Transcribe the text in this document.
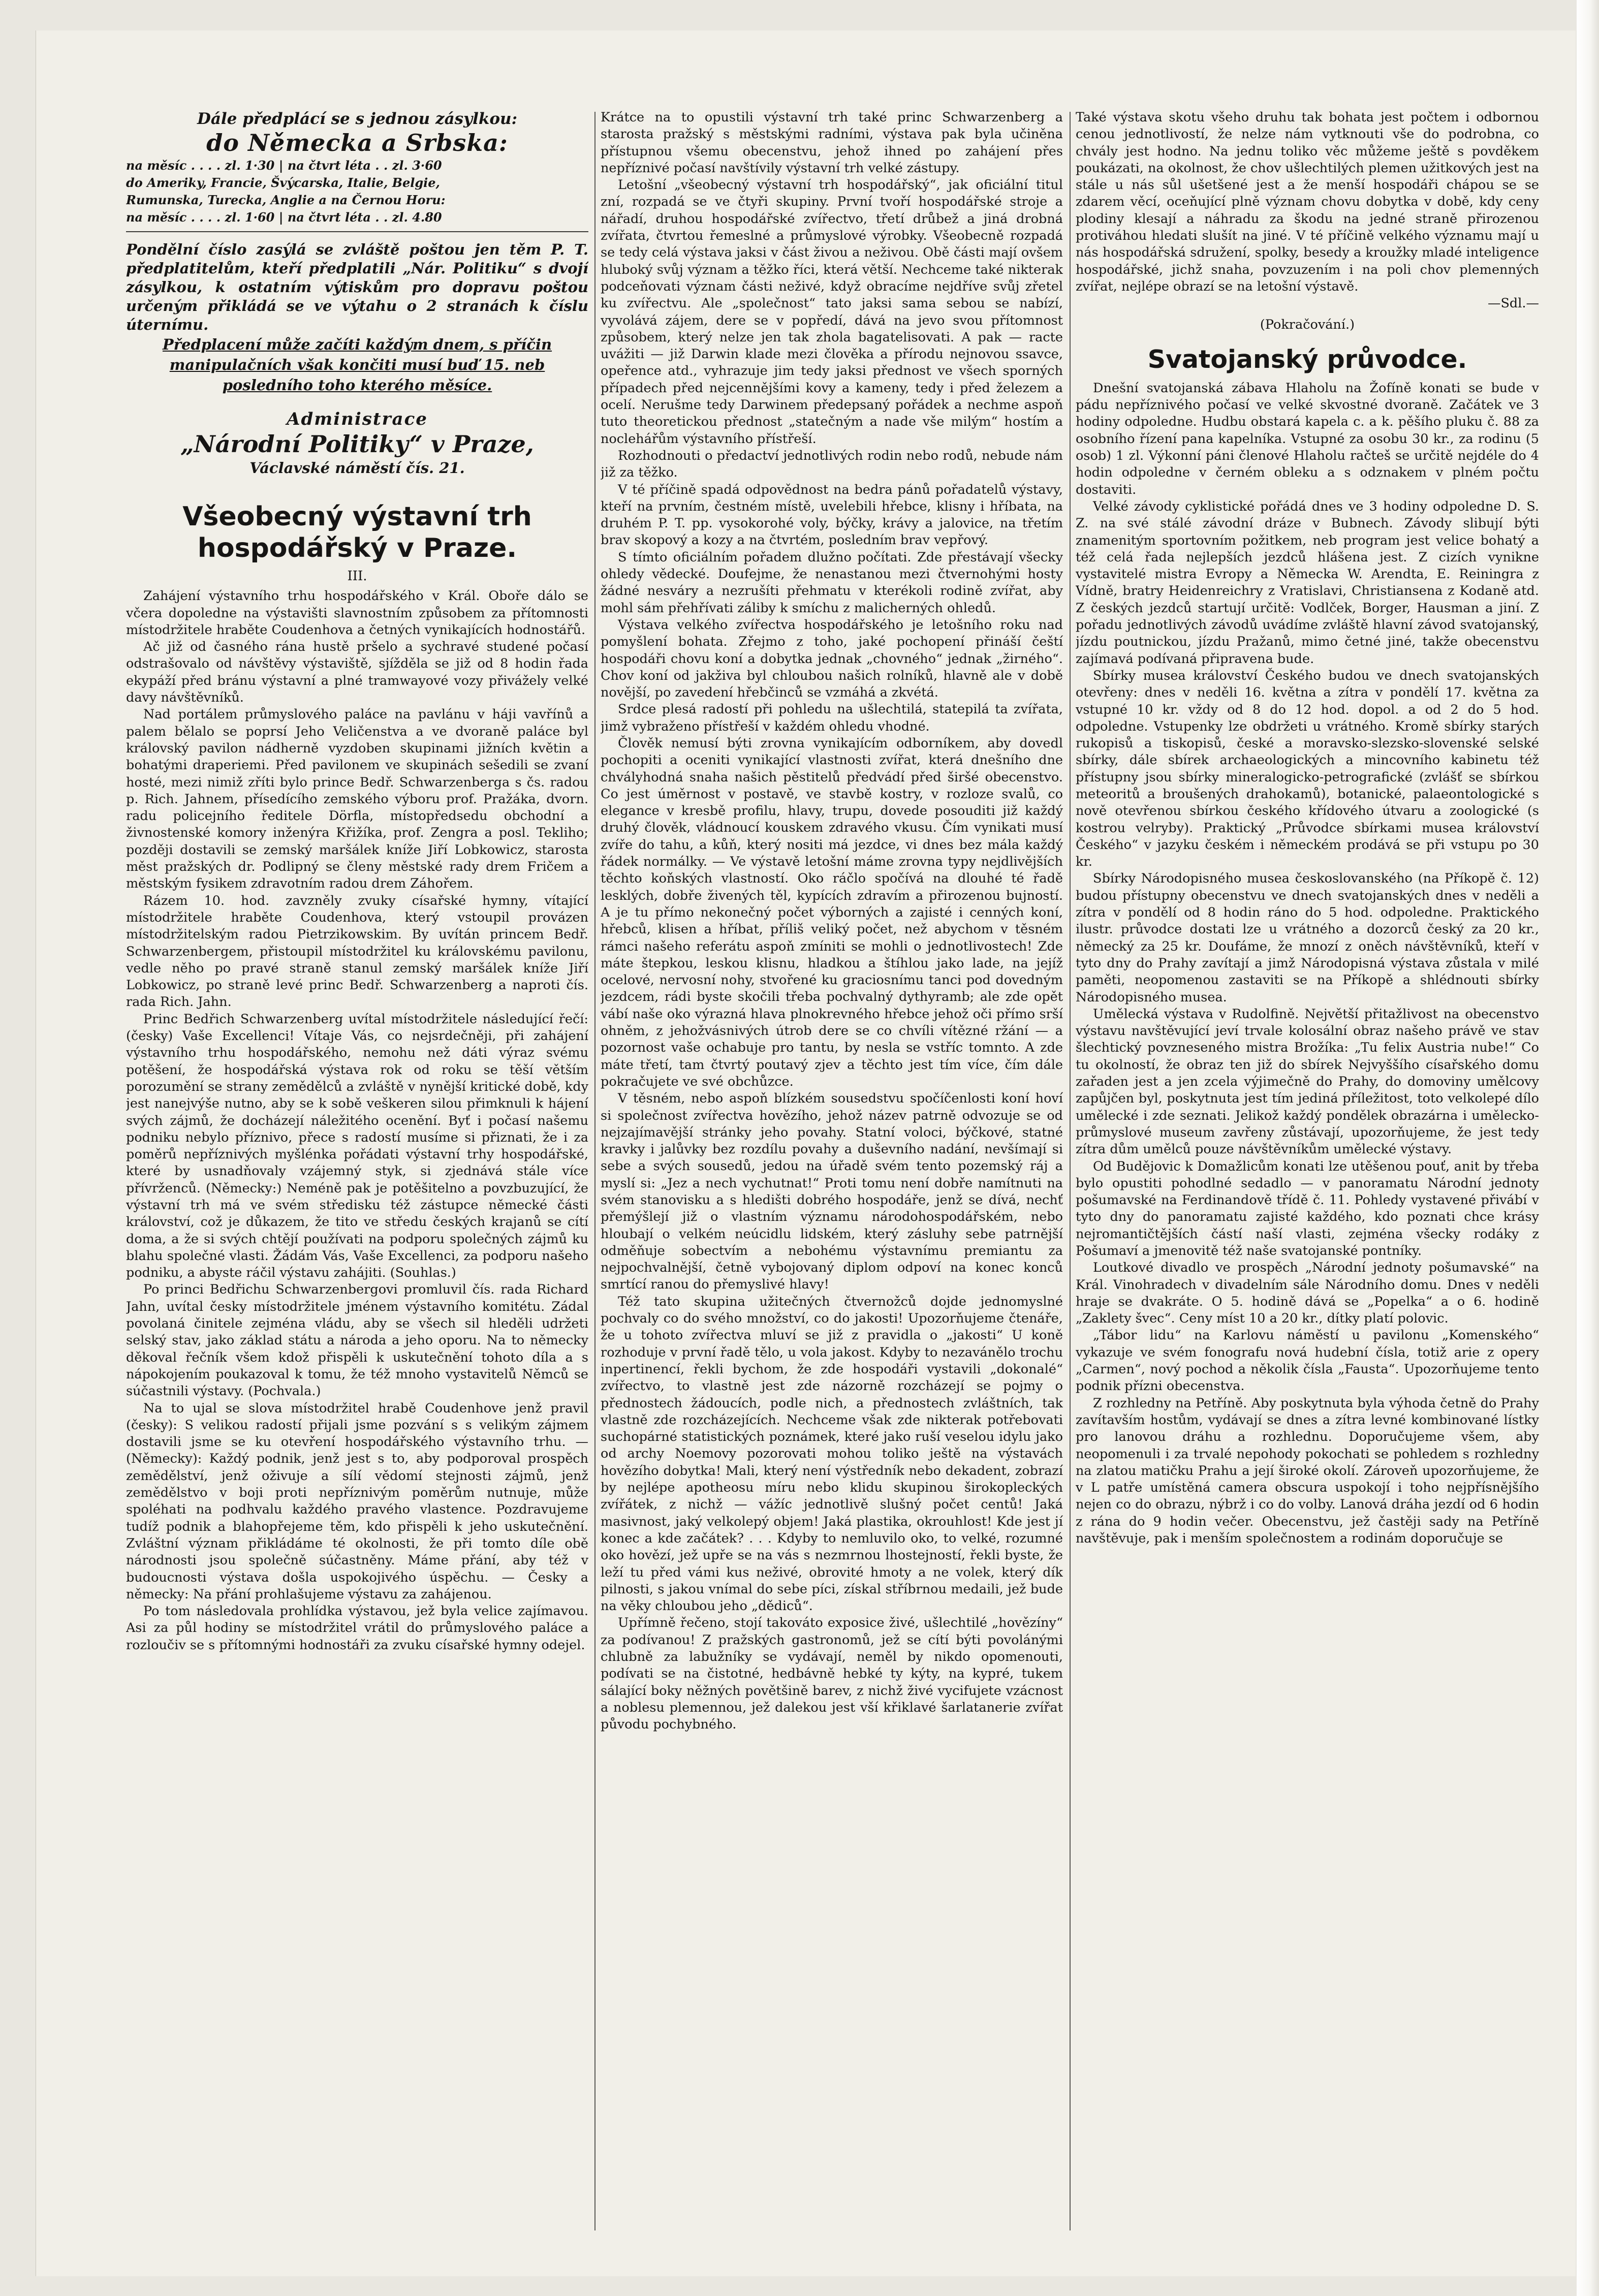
Dále předplácí se s jednou zásylkou:
do Německa a Srbska:
na měsíc . . . . zl. 1·30 | na čtvrt léta . . zl. 3·60
do Ameriky, Francie, Švýcarska, Italie, Belgie,
Rumunska, Turecka, Anglie a na Černou Horu:
na měsíc . . . . zl. 1·60 | na čtvrt léta . . zl. 4.80
Pondělní číslo zasýlá se zvláště poštou jen těm P. T. předplatitelům, kteří předplatili „Nár. Politiku“ s dvojí zásylkou, k ostatním výtiskům pro dopravu poštou určeným přikládá se ve výtahu o 2 stranách k číslu úternímu.
Předplacení může začíti každým dnem, s příčin
manipulačních však končiti musí buď 15. neb
posledního toho kterého měsíce.
Administrace
„Národní Politiky“ v Praze,
Václavské náměstí čís. 21.
Všeobecný výstavní trh hospodářský v Praze.
III.

Zahájení výstavního trhu hospodářského v Král. Oboře dálo se včera dopoledne na výstavišti slavnostním způsobem za přítomnosti místodržitele hraběte Coudenhova a četných vynikajících hodnostářů.

Ač již od časného rána hustě pršelo a sychravé studené počasí odstrašovalo od návštěvy výstaviště, sjížděla se již od 8 hodin řada ekypáží před bránu výstavní a plné tramwayové vozy přivážely velké davy návštěvníků.

Nad portálem průmyslového paláce na pavlánu v háji vavřínů a palem bělalo se poprsí Jeho Veličenstva a ve dvoraně paláce byl královský pavilon nádherně vyzdoben skupinami jižních květin a bohatými draperiemi. Před pavilonem ve skupinách sešedili se zvaní hosté, mezi nimiž zříti bylo prince Bedř. Schwarzenberga s čs. radou p. Rich. Jahnem, přísedícího zemského výboru prof. Pražáka, dvorn. radu policejního ředitele Dörfla, místopředsedu obchodní a živnostenské komory inženýra Křižíka, prof. Zengra a posl. Tekliho; později dostavili se zemský maršálek kníže Jiří Lobkowicz, starosta měst pražských dr. Podlipný se členy městské rady drem Fričem a městským fysikem zdravotním radou drem Záhořem.

Rázem 10. hod. zavzněly zvuky císařské hymny, vítající místodržitele hraběte Coudenhova, který vstoupil provázen místodržitelským radou Pietrzikowskim. By uvítán princem Bedř. Schwarzenbergem, přistoupil místodržitel ku královskému pavilonu, vedle něho po pravé straně stanul zemský maršálek kníže Jiří Lobkowicz, po straně levé princ Bedř. Schwarzenberg a naproti čís. rada Rich. Jahn.

Princ Bedřich Schwarzenberg uvítal místodržitele následující řečí: (česky) Vaše Excellenci! Vítaje Vás, co nejsrdečněji, při zahájení výstavního trhu hospodářského, nemohu než dáti výraz svému potěšení, že hospodářská výstava rok od roku se těší větším porozumění se strany zemědělců a zvláště v nynější kritické době, kdy jest nanejvýše nutno, aby se k sobě veškeren silou přimknuli k hájení svých zájmů, že docházejí náležitého ocenění. Byť i počasí našemu podniku nebylo příznivo, přece s radostí musíme si přiznati, že i za poměrů nepříznivých myšlénka pořádati výstavní trhy hospodářské, které by usnadňovaly vzájemný styk, si zjednává stále více přívrženců. (Německy:) Neméně pak je potěšitelno a povzbuzující, že výstavní trh má ve svém středisku též zástupce německé části království, což je důkazem, že tito ve středu českých krajanů se cítí doma, a že si svých chtějí používati na podporu společných zájmů ku blahu společné vlasti. Žádám Vás, Vaše Excellenci, za podporu našeho podniku, a abyste ráčil výstavu zahájiti. (Souhlas.)

Po princi Bedřichu Schwarzenbergovi promluvil čís. rada Richard Jahn, uvítal česky místodržitele jménem výstavního komitétu. Zádal povolaná činitele zejména vládu, aby se všech sil hleděli udržeti selský stav, jako základ státu a národa a jeho oporu. Na to německy děkoval řečník všem kdož přispěli k uskutečnění tohoto díla a s nápokojením poukazoval k tomu, že též mnoho vystavitelů Němců se súčastnili výstavy. (Pochvala.)

Na to ujal se slova místodržitel hrabě Coudenhove jenž pravil (česky): S velikou radostí přijali jsme pozvání s s velikým zájmem dostavili jsme se ku otevření hospodářského výstavního trhu. — (Německy): Každý podnik, jenž jest s to, aby podporoval prospěch zemědělství, jenž oživuje a sílí vědomí stejnosti zájmů, jenž zemědělstvo v boji proti nepříznivým poměrům nutnuje, může spoléhati na podhvalu každého pravého vlastence. Pozdravujeme tudíž podnik a blahopřejeme těm, kdo přispěli k jeho uskutečnění. Zvláštní význam přikládáme té okolnosti, že při tomto díle obě národnosti jsou společně súčastněny. Máme přání, aby též v budoucnosti výstava došla uspokojivého úspěchu. — Česky a německy: Na přání prohlašujeme výstavu za zahájenou.

Po tom následovala prohlídka výstavou, jež byla velice zajímavou. Asi za půl hodiny se místodržitel vrátil do průmyslového paláce a rozloučiv se s přítomnými hodnostáři za zvuku císařské hymny odejel.

Krátce na to opustili výstavní trh také princ Schwarzenberg a starosta pražský s městskými radními, výstava pak byla učiněna přístupnou všemu obecenstvu, jehož ihned po zahájení přes nepříznivé počasí navštívily výstavní trh velké zástupy.

Letošní „všeobecný výstavní trh hospodářský“, jak oficiální titul zní, rozpadá se ve čtyři skupiny. První tvoří hospodářské stroje a nářadí, druhou hospodářské zvířectvo, třetí drůbež a jiná drobná zvířata, čtvrtou řemeslné a průmyslové výrobky. Všeobecně rozpadá se tedy celá výstava jaksi v část živou a neživou. Obě části mají ovšem hluboký svůj význam a těžko říci, která větší. Nechceme také nikterak podceňovati význam části neživé, když obracíme nejdříve svůj zřetel ku zvířectvu. Ale „společnost“ tato jaksi sama sebou se nabízí, vyvolává zájem, dere se v popředí, dává na jevo svou přítomnost způsobem, který nelze jen tak zhola bagatelisovati. A pak — racte uvážiti — již Darwin klade mezi člověka a přírodu nejnovou ssavce, opeřence atd., vyhrazuje jim tedy jaksi přednost ve všech sporných případech před nejcennějšími kovy a kameny, tedy i před železem a ocelí. Nerušme tedy Darwinem předepsaný pořádek a nechme aspoň tuto theoretickou přednost „statečným a nade vše milým“ hostím a noclehářům výstavního přístřeší.

Rozhodnouti o předactví jednotlivých rodin nebo rodů, nebude nám již za těžko.

V té příčině spadá odpovědnost na bedra pánů pořadatelů výstavy, kteří na prvním, čestném místě, uvelebili hřebce, klisny i hříbata, na druhém P. T. pp. vysokorohé voly, býčky, krávy a jalovice, na třetím brav skopový a kozy a na čtvrtém, posledním brav vepřový.

S tímto oficiálním pořadem dlužno počítati. Zde přestávají všecky ohledy vědecké. Doufejme, že nenastanou mezi čtvernohými hosty žádné nesváry a nezrušíti přehmatu v kterékoli rodině zvířat, aby mohl sám přehřívati záliby k smíchu z malicherných ohledů.

Výstava velkého zvířectva hospodářského je letošního roku nad pomyšlení bohata. Zřejmo z toho, jaké pochopení přináší čeští hospodáři chovu koní a dobytka jednak „chovného“ jednak „žirného“. Chov koní od jakživa byl chloubou našich rolníků, hlavně ale v době novější, po zavedení hřebčinců se vzmáhá a zkvétá.

Srdce plesá radostí při pohledu na ušlechtilá, statepilá ta zvířata, jimž vybraženo přístřeší v každém ohledu vhodné.

Člověk nemusí býti zrovna vynikajícím odborníkem, aby dovedl pochopiti a oceniti vynikající vlastnosti zvířat, která dnešního dne chvályhodná snaha našich pěstitelů předvádí před širšé obecenstvo. Co jest úměrnost v postavě, ve stavbě kostry, v rozloze svalů, co elegance v kresbě profilu, hlavy, trupu, dovede posouditi již každý druhý člověk, vládnoucí kouskem zdravého vkusu. Čím vynikati musí zvíře do tahu, a kůň, který nositi má jezdce, vi dnes bez mála každý řádek normálky. — Ve výstavě letošní máme zrovna typy nejdlivějších těchto koňských vlastností. Oko ráčlo spočívá na dlouhé té řadě lesklých, dobře živených těl, kypících zdravím a přirozenou bujností. A je tu přímo nekonečný počet výborných a zajisté i cenných koní, hřebců, klisen a hříbat, příliš veliký počet, než abychom v těsném rámci našeho referátu aspoň zmíniti se mohli o jednotlivostech! Zde máte štepkou, leskou klisnu, hladkou a štíhlou jako lade, na jejíž ocelové, nervosní nohy, stvořené ku graciosnímu tanci pod dovedným jezdcem, rádi byste skočili třeba pochvalný dythyramb; ale zde opět vábí naše oko výrazná hlava plnokrevného hřebce jehož oči přímo srší ohněm, z jehožvásnivých útrob dere se co chvíli vítězné ržání — a pozornost vaše ochabuje pro tantu, by nesla se vstříc tomnto. A zde máte třetí, tam čtvrtý poutavý zjev a těchto jest tím více, čím dále pokračujete ve své obchůzce.

V těsném, nebo aspoň blízkém sousedstvu spočíčenlosti koní hoví si společnost zvířectva hovězího, jehož název patrně odvozuje se od nejzajímavější stránky jeho povahy. Statní voloci, býčkové, statné kravky i jalůvky bez rozdílu povahy a duševního nadání, nevšímají si sebe a svých sousedů, jedou na úřadě svém tento pozemský ráj a myslí si: „Jez a nech vychutnat!“ Proti tomu není dobře namítnuti na svém stanovisku a s hledišti dobrého hospodáře, jenž se dívá, nechť přemýšlejí již o vlastním významu národohospodářském, nebo hloubají o velkém neúcidlu lidském, který zásluhy sebe patrnější odměňuje sobectvím a nebohému výstavnímu premiantu za nejpochvalnější, četně vybojovaný diplom odpoví na konec konců smrtící ranou do přemyslivé hlavy!

Též tato skupina užitečných čtvernožců dojde jednomyslné pochvaly co do svého množství, co do jakosti! Upozorňujeme čtenáře, že u tohoto zvířectva mluví se již z pravidla o „jakosti“ U koně rozhoduje v první řadě tělo, u vola jakost. Kdyby to nezavánělo trochu inpertinencí, řekli bychom, že zde hospodáři vystavili „dokonalé“ zvířectvo, to vlastně jest zde názorně rozcházejí se pojmy o přednostech žádoucích, podle nich, a přednostech zvláštních, tak vlastně zde rozcházejících. Nechceme však zde nikterak potřebovati suchopárné statistických poznámek, které jako ruší veselou idylu jako od archy Noemovy pozorovati mohou toliko ještě na výstavách hovězího dobytka! Mali, který není výstředník nebo dekadent, zobrazí by nejlépe apotheosu míru nebo klidu skupinou širokopleckých zvířátek, z nichž — vážíc jednotlivě slušný počet centů! Jaká masivnost, jaký velkolepý objem! Jaká plastika, okrouhlost! Kde jest jí konec a kde začátek? . . . Kdyby to nemluvilo oko, to velké, rozumné oko hovězí, jež upře se na vás s nezmrnou lhostejností, řekli byste, že leží tu před vámi kus neživé, obrovité hmoty a ne volek, který dík pilnosti, s jakou vnímal do sebe píci, získal stříbrnou medaili, jež bude na věky chloubou jeho „dědiců“.

Upřímně řečeno, stojí takováto exposice živé, ušlechtilé „hovězíny“ za podívanou! Z pražských gastronomů, jež se cítí býti povolánými chlubně za labužníky se vydávají, neměl by nikdo opomenouti, podívati se na čistotné, hedbávně hebké ty kýty, na kypré, tukem sálající boky něžných povětšině barev, z nichž živé vycifujete vzácnost a noblesu plemennou, jež dalekou jest vší křiklavé šarlatanerie zvířat původu pochybného.

Také výstava skotu všeho druhu tak bohata jest počtem i odbornou cenou jednotlivostí, že nelze nám vytknouti vše do podrobna, co chvály jest hodno. Na jednu toliko věc můžeme ještě s povděkem poukázati, na okolnost, že chov ušlechtilých plemen užitkových jest na stále u nás sůl ušetšené jest a že menší hospodáři chápou se se zdarem věcí, oceňující plně význam chovu dobytka v době, kdy ceny plodiny klesají a náhradu za škodu na jedné straně přirozenou protiváhou hledati slušít na jiné. V té příčině velkého významu mají u nás hospodářská sdružení, spolky, besedy a kroužky mladé inteligence hospodářské, jichž snaha, povzuzením i na poli chov plemenných zvířat, nejlépe obrazí se na letošní výstavě.

—Sdl.—
(Pokračování.)
Svatojanský průvodce.

Dnešní svatojanská zábava Hlaholu na Žofíně konati se bude v pádu nepříznivého počasí ve velké skvostné dvoraně. Začátek ve 3 hodiny odpoledne. Hudbu obstará kapela c. a k. pěšího pluku č. 88 za osobního řízení pana kapelníka. Vstupné za osobu 30 kr., za rodinu (5 osob) 1 zl. Výkonní páni členové Hlaholu račteš se určitě nejdéle do 4 hodin odpoledne v černém obleku a s odznakem v plném počtu dostaviti.

Velké závody cyklistické pořádá dnes ve 3 hodiny odpoledne D. S. Z. na své stálé závodní dráze v Bubnech. Závody slibují býti znamenitým sportovním požitkem, neb program jest velice bohatý a též celá řada nejlepších jezdců hlášena jest. Z cizích vynikne vystavitelé mistra Evropy a Německa W. Arendta, E. Reiningra z Vídně, bratry Heidenreichry z Vratislavi, Christiansena z Kodaně atd. Z českých jezdců startují určitě: Vodlček, Borger, Hausman a jiní. Z pořadu jednotlivých závodů uvádíme zvláště hlavní závod svatojanský, jízdu poutnickou, jízdu Pražanů, mimo četné jiné, takže obecenstvu zajímavá podívaná připravena bude.

Sbírky musea království Českého budou ve dnech svatojanských otevřeny: dnes v neděli 16. května a zítra v pondělí 17. května za vstupné 10 kr. vždy od 8 do 12 hod. dopol. a od 2 do 5 hod. odpoledne. Vstupenky lze obdržeti u vrátného. Kromě sbírky starých rukopisů a tiskopisů, české a moravsko-slezsko-slovenské selské sbírky, dále sbírek archaeologických a mincovního kabinetu též přístupny jsou sbírky mineralogicko-petrografické (zvlášť se sbírkou meteoritů a broušených drahokamů), botanické, palaeontologické s nově otevřenou sbírkou českého křídového útvaru a zoologické (s kostrou velryby). Praktický „Průvodce sbírkami musea království Českého“ v jazyku českém i německém prodává se při vstupu po 30 kr.

Sbírky Národopisného musea českoslovanského (na Příkopě č. 12) budou přístupny obecenstvu ve dnech svatojanských dnes v neděli a zítra v pondělí od 8 hodin ráno do 5 hod. odpoledne. Praktického ilustr. průvodce dostati lze u vrátného a dozorců český za 20 kr., německý za 25 kr. Doufáme, že mnozí z oněch návštěvníků, kteří v tyto dny do Prahy zavítají a jimž Národopisná výstava zůstala v milé paměti, neopomenou zastaviti se na Příkopě a shlédnouti sbírky Národopisného musea.

Umělecká výstava v Rudolfině. Největší přitažlivost na obecenstvo výstavu navštěvující jeví trvale kolosální obraz našeho právě ve stav šlechtický povzneseného mistra Brožíka: „Tu felix Austria nube!“ Co tu okolností, že obraz ten již do sbírek Nejvyššího císařského domu zařaden jest a jen zcela výjimečně do Prahy, do domoviny umělcovy zapůjčen byl, poskytnuta jest tím jediná příležitost, toto velkolepé dílo umělecké i zde seznati. Jelikož každý pondělek obrazárna i umělecko-průmyslové museum zavřeny zůstávají, upozorňujeme, že jest tedy zítra dům umělců pouze návštěvníkům umělecké výstavy.

Od Budějovic k Domažlicům konati lze utěšenou pouť, anit by třeba bylo opustiti pohodlné sedadlo — v panoramatu Národní jednoty pošumavské na Ferdinandově třídě č. 11. Pohledy vystavené přivábí v tyto dny do panoramatu zajisté každého, kdo poznati chce krásy nejromantičtějších částí naší vlasti, zejména všecky rodáky z Pošumaví a jmenovitě též naše svatojanské pontníky.

Loutkové divadlo ve prospěch „Národní jednoty pošumavské“ na Král. Vinohradech v divadelním sále Národního domu. Dnes v neděli hraje se dvakráte. O 5. hodině dává se „Popelka“ a o 6. hodině „Zaklety švec“. Ceny míst 10 a 20 kr., dítky platí polovic.

„Tábor lidu“ na Karlovu náměstí u pavilonu „Komenského“ vykazuje ve svém fonografu nová hudební čísla, totiž arie z opery „Carmen“, nový pochod a několik čísla „Fausta“. Upozorňujeme tento podnik přízni obecenstva.

Z rozhledny na Petříně. Aby poskytnuta byla výhoda četně do Prahy zavítavším hostům, vydávají se dnes a zítra levné kombinované lístky pro lanovou dráhu a rozhlednu. Doporučujeme všem, aby neopomenuli i za trvalé nepohody pokochati se pohledem s rozhledny na zlatou matičku Prahu a její široké okolí. Zároveň upozorňujeme, že v L patře umístěná camera obscura uspokojí i toho nejpřísnějšího nejen co do obrazu, nýbrž i co do volby. Lanová dráha jezdí od 6 hodin z rána do 9 hodin večer. Obecenstvu, jež častěji sady na Petříně navštěvuje, pak i menším společnostem a rodinám doporučuje se
